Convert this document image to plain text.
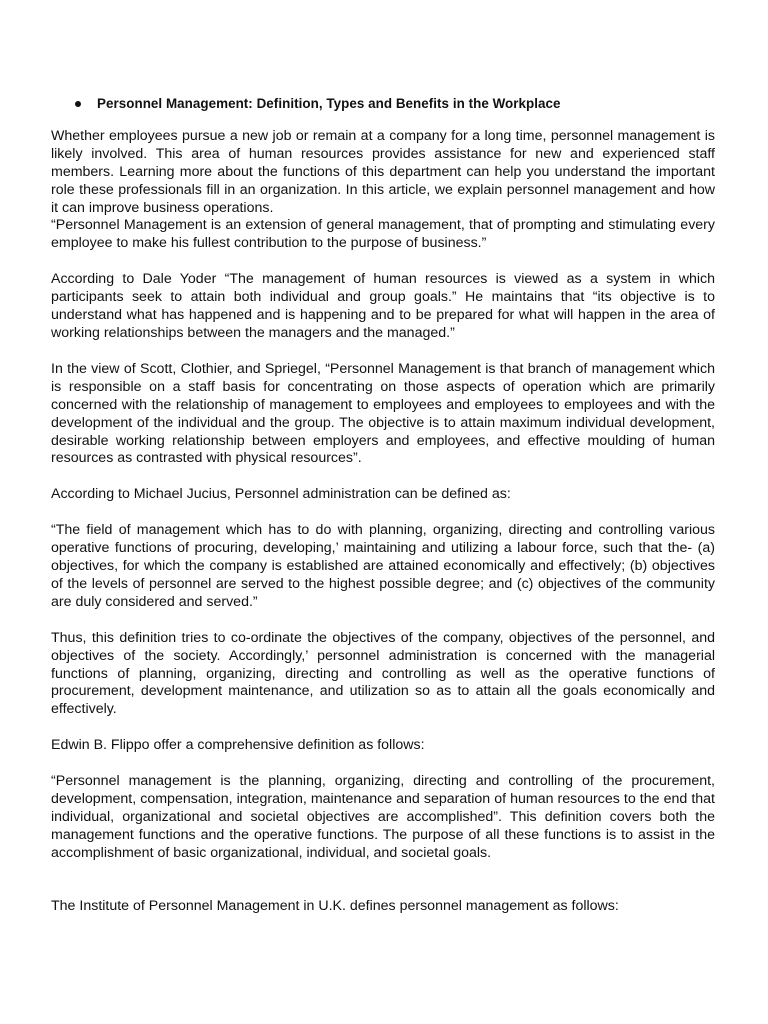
Personnel Management: Definition, Types and Benefits in the Workplace

Whether employees pursue a new job or remain at a company for a long time, personnel management is likely involved. This area of human resources provides assistance for new and experienced staff members. Learning more about the functions of this department can help you understand the important role these professionals fill in an organization. In this article, we explain personnel management and how it can improve business operations.

“Personnel Management is an extension of general management, that of prompting and stimulating every employee to make his fullest contribution to the purpose of business.”

According to Dale Yoder “The management of human resources is viewed as a system in which participants seek to attain both individual and group goals.” He maintains that “its objective is to understand what has happened and is happening and to be prepared for what will happen in the area of working relationships between the managers and the managed.”

In the view of Scott, Clothier, and Spriegel, “Personnel Management is that branch of management which is responsible on a staff basis for concentrating on those aspects of operation which are primarily concerned with the relationship of management to employees and employees to employees and with the development of the individual and the group. The objective is to attain maximum individual development, desirable working relationship between employers and employees, and effective moulding of human resources as contrasted with physical resources”.

According to Michael Jucius, Personnel administration can be defined as:

“The field of management which has to do with planning, organizing, directing and controlling various operative functions of procuring, developing,’ maintaining and utilizing a labour force, such that the- (a) objectives, for which the company is established are attained economically and effectively; (b) objectives of the levels of personnel are served to the highest possible degree; and (c) objectives of the community are duly considered and served.”

Thus, this definition tries to co-ordinate the objectives of the company, objectives of the personnel, and objectives of the society. Accordingly,’ personnel administration is concerned with the managerial functions of planning, organizing, directing and controlling as well as the operative functions of procurement, development maintenance, and utilization so as to attain all the goals economically and effectively.

Edwin B. Flippo offer a comprehensive definition as follows:

“Personnel management is the planning, organizing, directing and controlling of the procurement, development, compensation, integration, maintenance and separation of human resources to the end that individual, organizational and societal objectives are accomplished”. This definition covers both the management functions and the operative functions. The purpose of all these functions is to assist in the accomplishment of basic organizational, individual, and societal goals.

The Institute of Personnel Management in U.K. defines personnel management as follows:
